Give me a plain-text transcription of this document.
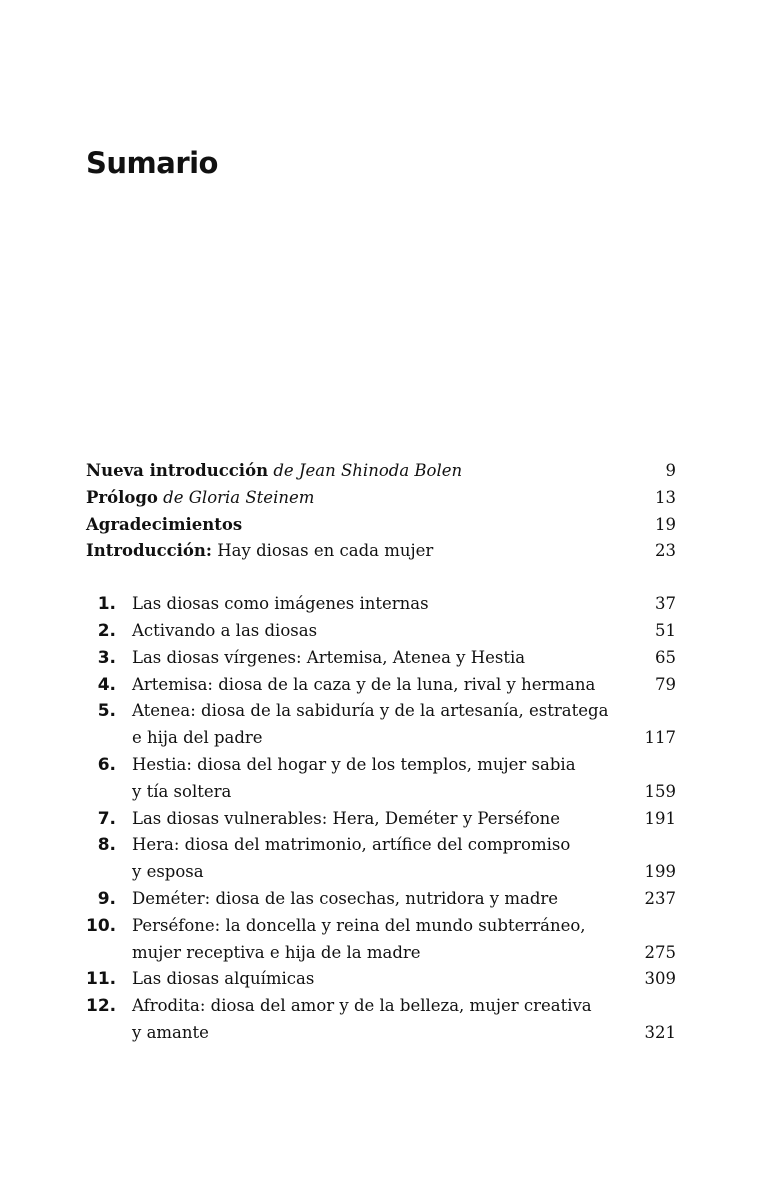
Sumario
Nueva introducción de Jean Shinoda Bolen	9
Prólogo de Gloria Steinem	13
Agradecimientos	19
Introducción: Hay diosas en cada mujer	23
1. Las diosas como imágenes internas	37
2. Activando a las diosas	51
3. Las diosas vírgenes: Artemisa, Atenea y Hestia	65
4. Artemisa: diosa de la caza y de la luna, rival y hermana	79
5. Atenea: diosa de la sabiduría y de la artesanía, estratega
e hija del padre	117
6. Hestia: diosa del hogar y de los templos, mujer sabia
y tía soltera	159
7. Las diosas vulnerables: Hera, Deméter y Perséfone	191
8. Hera: diosa del matrimonio, artífice del compromiso
y esposa	199
9. Deméter: diosa de las cosechas, nutridora y madre	237
10. Perséfone: la doncella y reina del mundo subterráneo,
mujer receptiva e hija de la madre	275
11. Las diosas alquímicas	309
12. Afrodita: diosa del amor y de la belleza, mujer creativa
y amante	321
